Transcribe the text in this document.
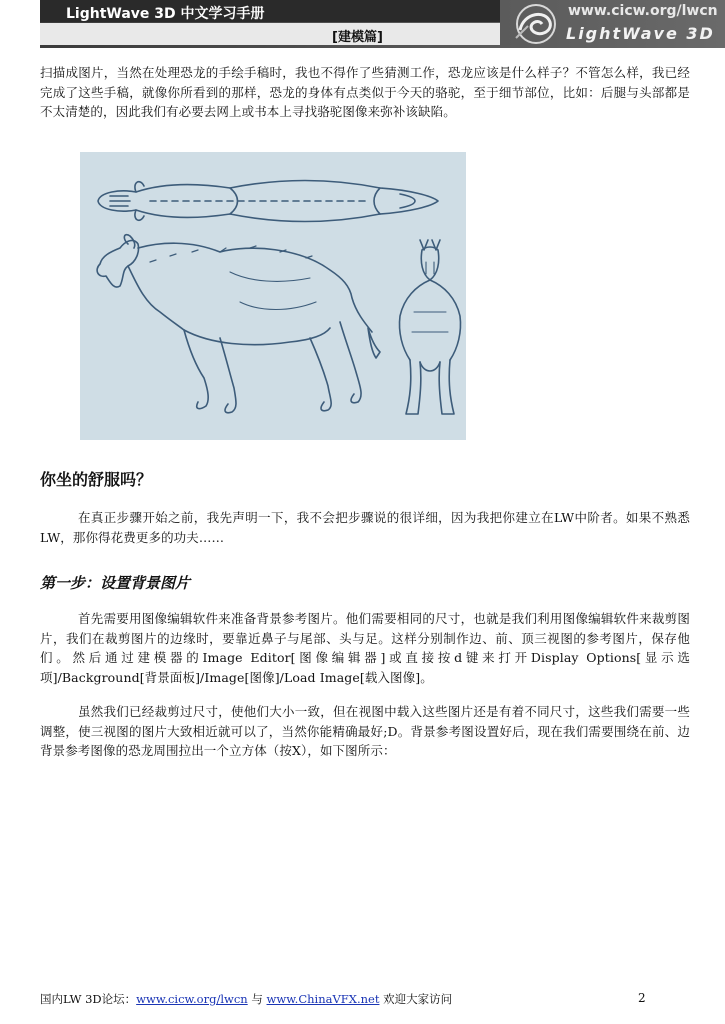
LightWave 3D 中文学习手册
[建模篇]
www.cicw.org/lwcn
LightWave 3D

扫描成图片，当然在处理恐龙的手绘手稿时，我也不得作了些猜测工作，恐龙应该是什么样子？不管怎么样，我已经完成了这些手稿，就像你所看到的那样，恐龙的身体有点类似于今天的骆驼，至于细节部位，比如：后腿与头部都是不太清楚的，因此我们有必要去网上或书本上寻找骆驼图像来弥补该缺陷。

你坐的舒服吗？

在真正步骤开始之前，我先声明一下，我不会把步骤说的很详细，因为我把你建立在LW中阶者。如果不熟悉LW，那你得花费更多的功夫……

第一步：设置背景图片

首先需要用图像编辑软件来准备背景参考图片。他们需要相同的尺寸，也就是我们利用图像编辑软件来裁剪图片，我们在裁剪图片的边缘时，要靠近鼻子与尾部、头与足。这样分别制作边、前、顶三视图的参考图片，保存他们。然后通过建模器的Image Editor[图像编辑器]或直接按d键来打开Display Options[显示选项]/Background[背景面板]/Image[图像]/Load Image[载入图像]。

虽然我们已经裁剪过尺寸，使他们大小一致，但在视图中载入这些图片还是有着不同尺寸，这些我们需要一些调整，使三视图的图片大致相近就可以了，当然你能精确最好;D。背景参考图设置好后，现在我们需要围绕在前、边背景参考图像的恐龙周围拉出一个立方体（按X），如下图所示：

国内LW 3D论坛：www.cicw.org/lwcn 与 www.ChinaVFX.net 欢迎大家访问	2
